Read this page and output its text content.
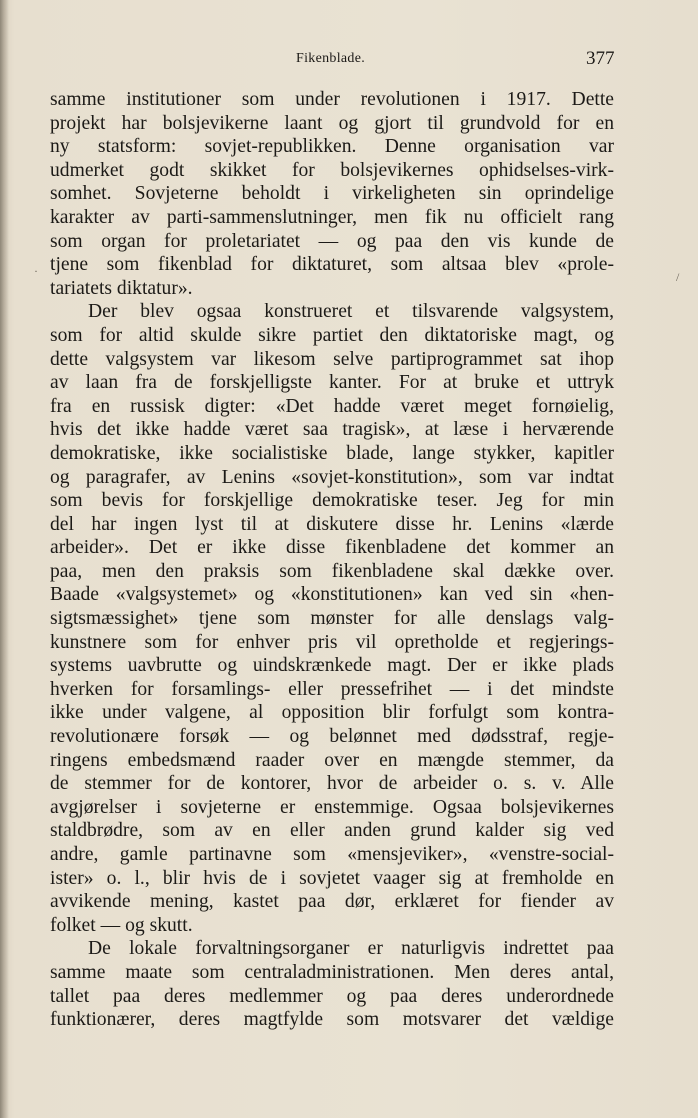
Fikenblade.	377
·	/
samme institutioner som under revolutionen i 1917. Dette
projekt har bolsjevikerne laant og gjort til grundvold for en
ny statsform: sovjet-republikken. Denne organisation var
udmerket godt skikket for bolsjevikernes ophidselses-virk-
somhet. Sovjeterne beholdt i virkeligheten sin oprindelige
karakter av parti-sammenslutninger, men fik nu officielt rang
som organ for proletariatet — og paa den vis kunde de
tjene som fikenblad for diktaturet, som altsaa blev «prole-
tariatets diktatur».
Der blev ogsaa konstrueret et tilsvarende valgsystem,
som for altid skulde sikre partiet den diktatoriske magt, og
dette valgsystem var likesom selve partiprogrammet sat ihop
av laan fra de forskjelligste kanter. For at bruke et uttryk
fra en russisk digter: «Det hadde været meget fornøielig,
hvis det ikke hadde været saa tragisk», at læse i herværende
demokratiske, ikke socialistiske blade, lange stykker, kapitler
og paragrafer, av Lenins «sovjet-konstitution», som var indtat
som bevis for forskjellige demokratiske teser. Jeg for min
del har ingen lyst til at diskutere disse hr. Lenins «lærde
arbeider». Det er ikke disse fikenbladene det kommer an
paa, men den praksis som fikenbladene skal dække over.
Baade «valgsystemet» og «konstitutionen» kan ved sin «hen-
sigtsmæssighet» tjene som mønster for alle denslags valg-
kunstnere som for enhver pris vil opretholde et regjerings-
systems uavbrutte og uindskrænkede magt. Der er ikke plads
hverken for forsamlings- eller pressefrihet — i det mindste
ikke under valgene, al opposition blir forfulgt som kontra-
revolutionære forsøk — og belønnet med dødsstraf, regje-
ringens embedsmænd raader over en mængde stemmer, da
de stemmer for de kontorer, hvor de arbeider o. s. v. Alle
avgjørelser i sovjeterne er enstemmige. Ogsaa bolsjevikernes
staldbrødre, som av en eller anden grund kalder sig ved
andre, gamle partinavne som «mensjeviker», «venstre-social-
ister» o. l., blir hvis de i sovjetet vaager sig at fremholde en
avvikende mening, kastet paa dør, erklæret for fiender av
folket — og skutt.
De lokale forvaltningsorganer er naturligvis indrettet paa
samme maate som centraladministrationen. Men deres antal,
tallet paa deres medlemmer og paa deres underordnede
funktionærer, deres magtfylde som motsvarer det vældige
